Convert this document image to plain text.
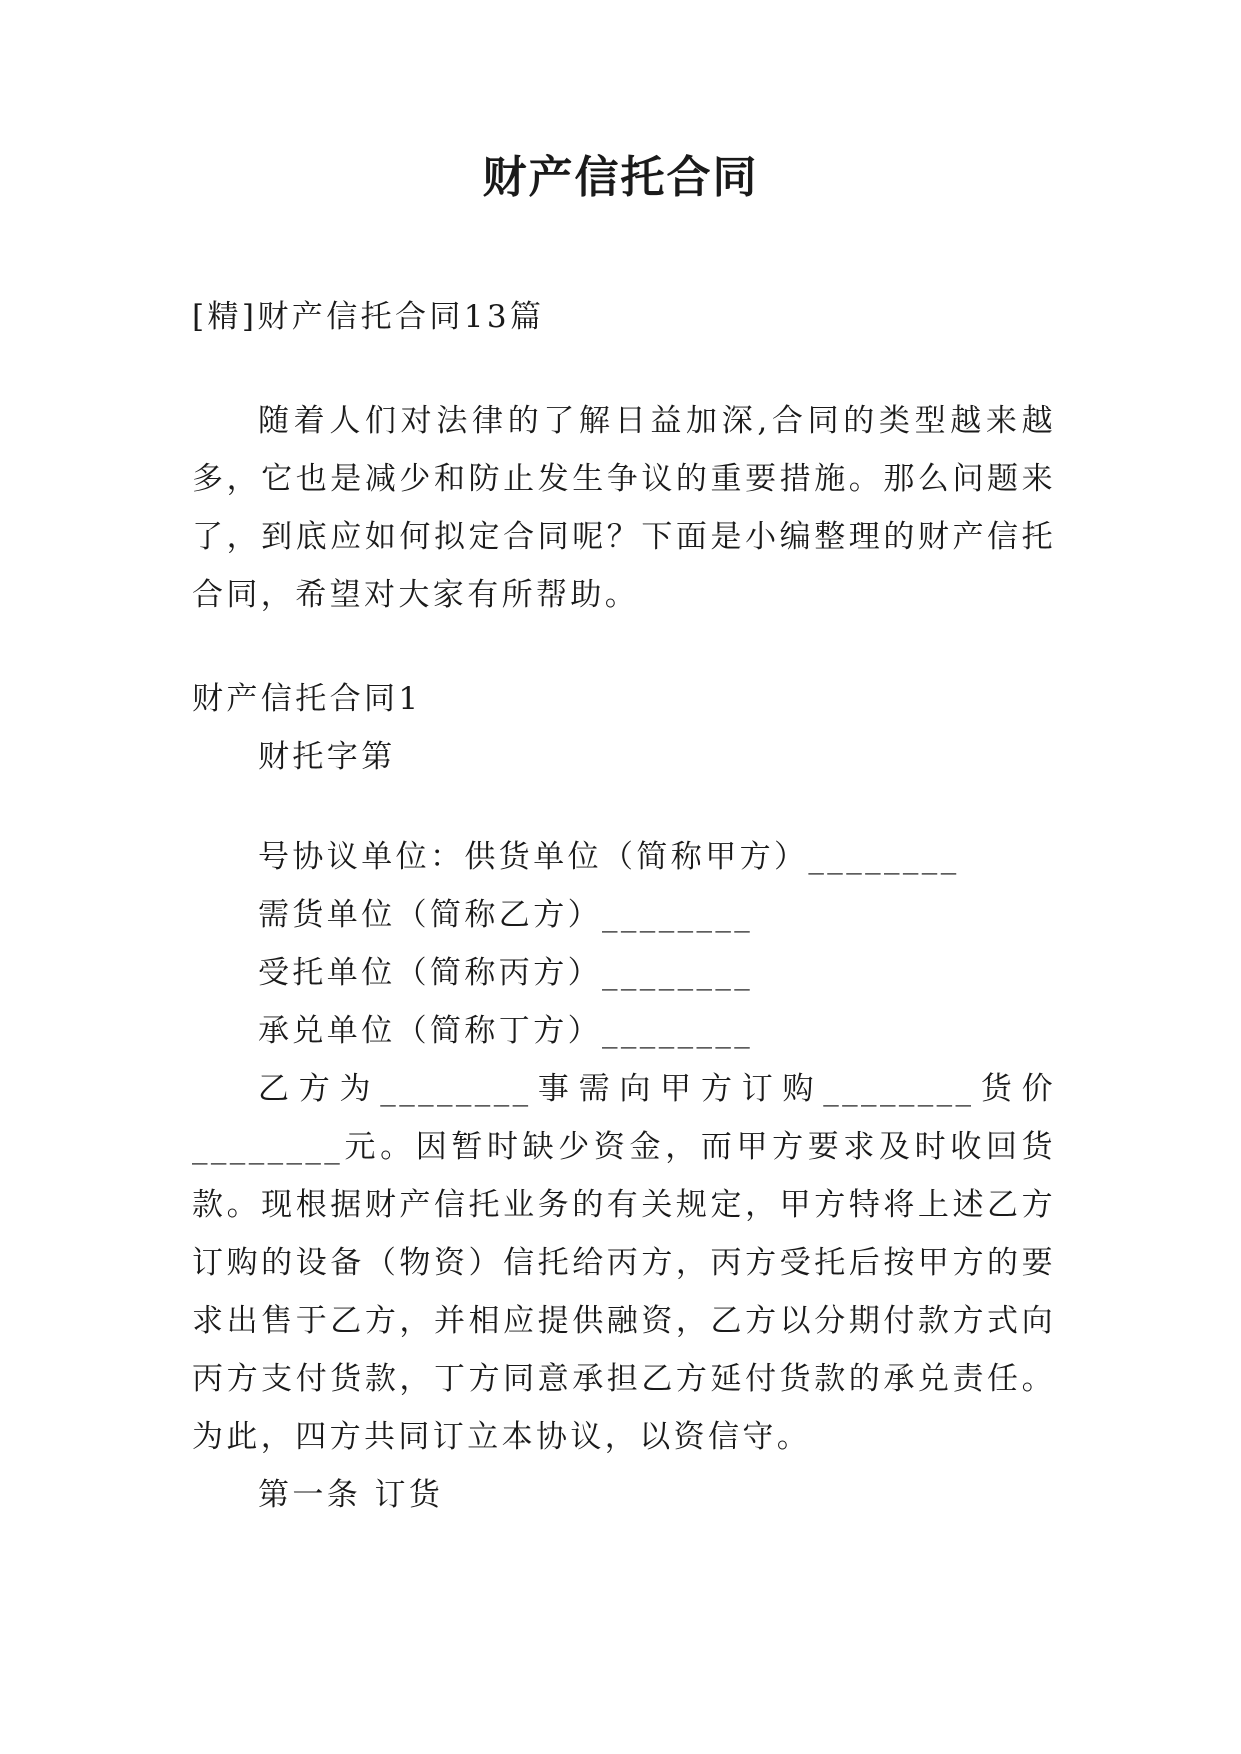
财产信托合同

[精]财产信托合同13篇

随着人们对法律的了解日益加深,合同的类型越来越多，它也是减少和防止发生争议的重要措施。那么问题来了，到底应如何拟定合同呢？下面是小编整理的财产信托合同，希望对大家有所帮助。

财产信托合同1

财托字第

号协议单位：供货单位（简称甲方）________

需货单位（简称乙方）________

受托单位（简称丙方）________

承兑单位（简称丁方）________

乙方为________事需向甲方订购________货价________元。因暂时缺少资金，而甲方要求及时收回货款。现根据财产信托业务的有关规定，甲方特将上述乙方订购的设备（物资）信托给丙方，丙方受托后按甲方的要求出售于乙方，并相应提供融资，乙方以分期付款方式向丙方支付货款，丁方同意承担乙方延付货款的承兑责任。为此，四方共同订立本协议，以资信守。

第一条 订货
